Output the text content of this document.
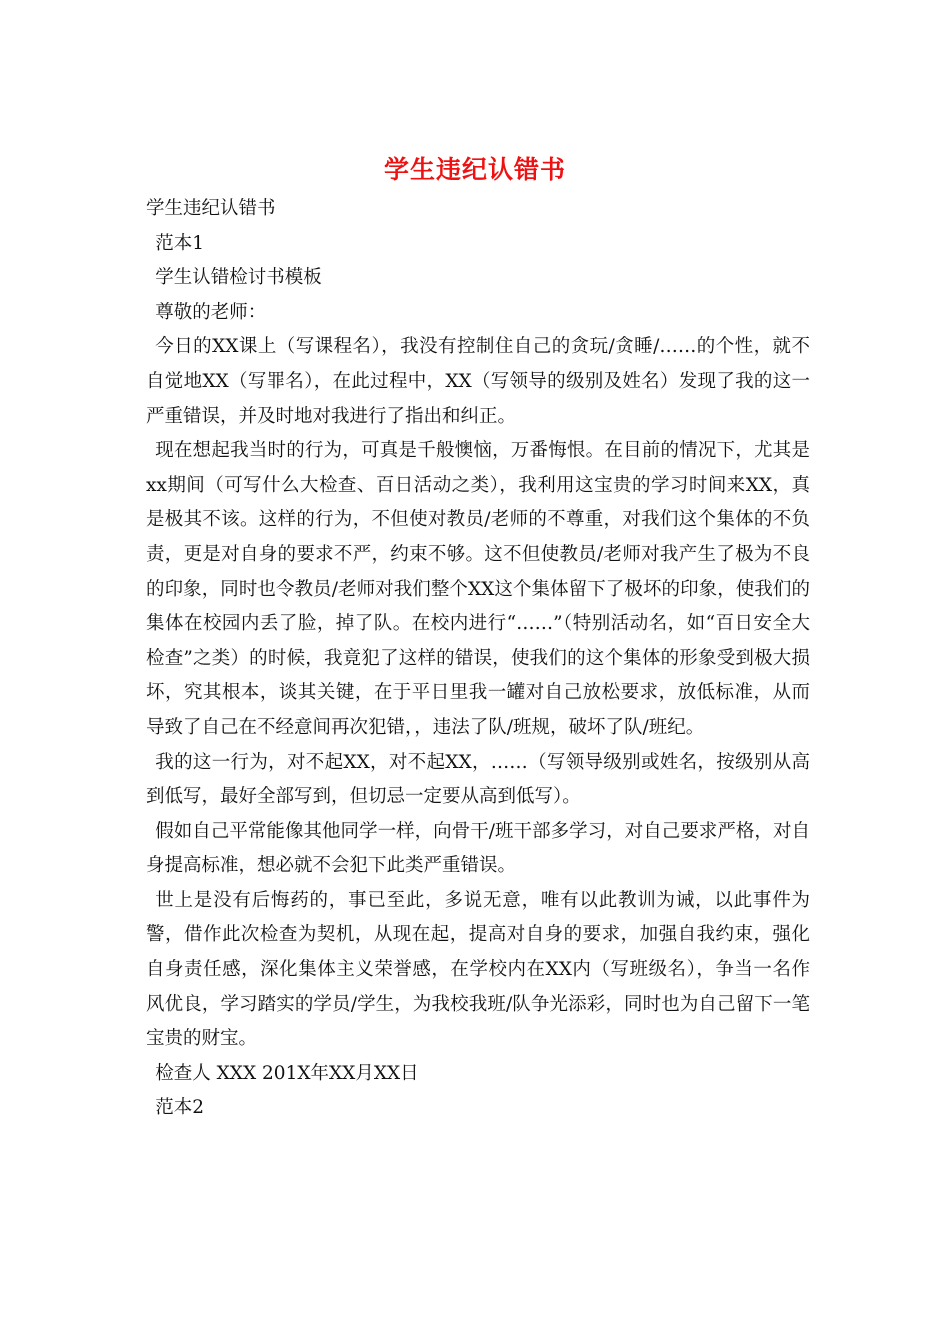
学生违纪认错书

学生违纪认错书

范本1

学生认错检讨书模板

尊敬的老师：

今日的XX课上（写课程名），我没有控制住自己的贪玩/贪睡/……的个性，就不自觉地XX（写罪名），在此过程中，XX（写领导的级别及姓名）发现了我的这一严重错误，并及时地对我进行了指出和纠正。

现在想起我当时的行为，可真是千般懊恼，万番悔恨。在目前的情况下，尤其是xx期间（可写什么大检查、百日活动之类），我利用这宝贵的学习时间来XX，真是极其不该。这样的行为，不但使对教员/老师的不尊重，对我们这个集体的不负责，更是对自身的要求不严，约束不够。这不但使教员/老师对我产生了极为不良的印象，同时也令教员/老师对我们整个XX这个集体留下了极坏的印象，使我们的集体在校园内丢了脸，掉了队。在校内进行“……”（特别活动名，如“百日安全大检查”之类）的时候，我竟犯了这样的错误，使我们的这个集体的形象受到极大损坏，究其根本，谈其关键，在于平日里我一罐对自己放松要求，放低标准，从而导致了自己在不经意间再次犯错，，违法了队/班规，破坏了队/班纪。

我的这一行为，对不起XX，对不起XX，……（写领导级别或姓名，按级别从高到低写，最好全部写到，但切忌一定要从高到低写）。

假如自己平常能像其他同学一样，向骨干/班干部多学习，对自己要求严格，对自身提高标准，想必就不会犯下此类严重错误。

世上是没有后悔药的，事已至此，多说无意，唯有以此教训为诫，以此事件为警，借作此次检查为契机，从现在起，提高对自身的要求，加强自我约束，强化自身责任感，深化集体主义荣誉感，在学校内在XX内（写班级名），争当一名作风优良，学习踏实的学员/学生，为我校我班/队争光添彩，同时也为自己留下一笔宝贵的财宝。

检查人 XXX 201X年XX月XX日

范本2
